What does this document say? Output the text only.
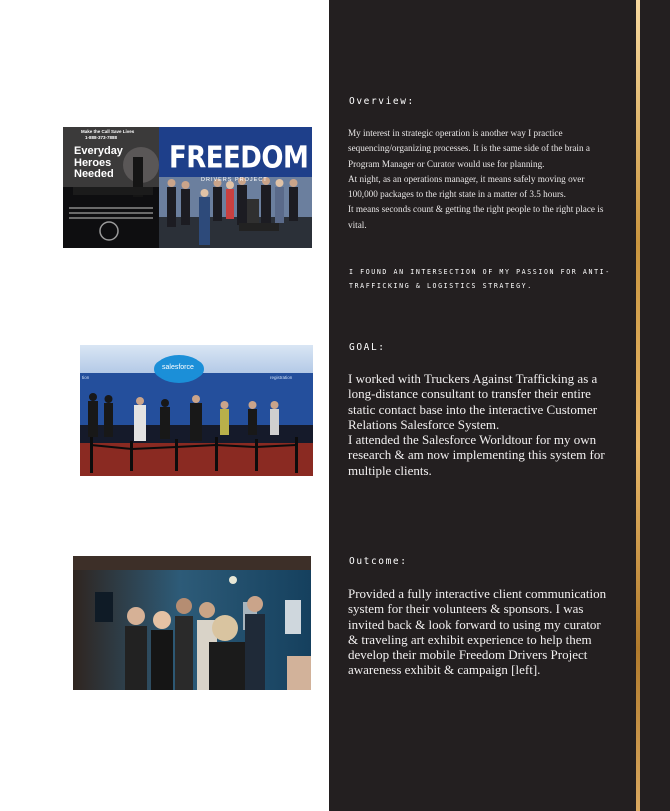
Make the Call Save Lives
1-888-373-7888
Everyday Heroes Needed	FREEDOM
DRIVERS PROJECT
salesforce
tion	registration
Overview:
My interest in strategic operation is another way I practice sequencing/organizing processes. It is the same side of the brain a Program Manager or Curator would use for planning.
At night, as an operations manager, it means safely moving over 100,000 packages to the right state in a matter of 3.5 hours.
It means seconds count & getting the right people to the right place is vital.
I FOUND AN INTERSECTION OF MY PASSION FOR ANTI-TRAFFICKING & LOGISTICS STRATEGY.
GOAL:
I worked with Truckers Against Trafficking as a long-distance consultant to transfer their entire static contact base into the interactive Customer Relations Salesforce System.
I attended the Salesforce Worldtour for my own research & am now implementing this system for multiple clients.
Outcome:
Provided a fully interactive client communication system for their volunteers & sponsors. I was invited back & look forward to using my curator & traveling art exhibit experience to help them develop their mobile Freedom Drivers Project awareness exhibit & campaign [left].
